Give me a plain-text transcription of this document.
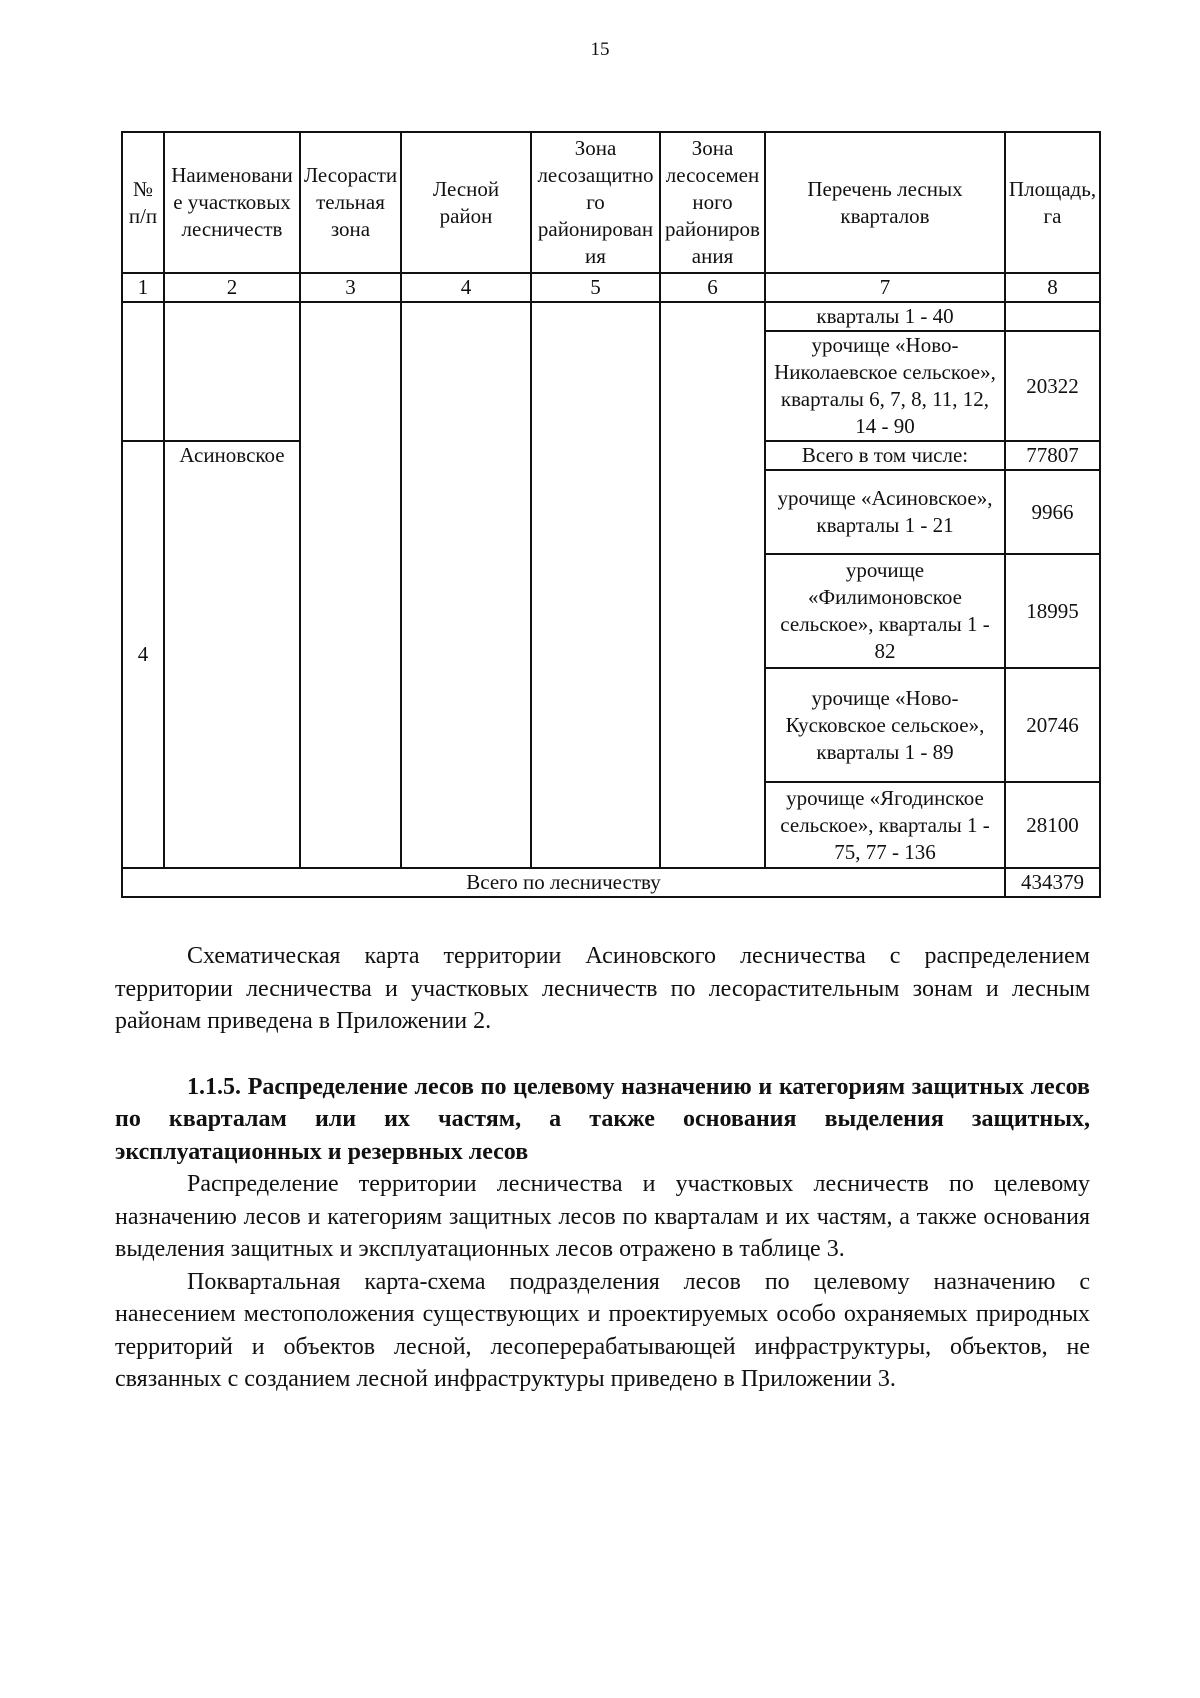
15
№ п/п	Наименование участковых лесничеств	Лесорастительная зона	Лесной район	Зона лесозащитного районирования	Зона лесосеменного районирования	Перечень лесных кварталов	Площадь, га
1	2	3	4	5	6	7	8
						кварталы 1 - 40	
						урочище «Ново-Николаевское сельское», кварталы 6, 7, 8, 11, 12, 14 - 90	20322
4	Асиновское					Всего в том числе:	77807
						урочище «Асиновское», кварталы 1 - 21	9966
						урочище «Филимоновское сельское», кварталы 1 - 82	18995
						урочище «Ново-Кусковское сельское», кварталы 1 - 89	20746
						урочище «Ягодинское сельское», кварталы 1 - 75, 77 - 136	28100
Всего по лесничеству							434379

Схематическая карта территории Асиновского лесничества с распределением территории лесничества и участковых лесничеств по лесорастительным зонам и лесным районам приведена в Приложении 2.

1.1.5. Распределение лесов по целевому назначению и категориям защитных лесов по кварталам или их частям, а также основания выделения защитных, эксплуатационных и резервных лесов

Распределение территории лесничества и участковых лесничеств по целевому назначению лесов и категориям защитных лесов по кварталам и их частям, а также основания выделения защитных и эксплуатационных лесов отражено в таблице 3.

Поквартальная карта-схема подразделения лесов по целевому назначению с нанесением местоположения существующих и проектируемых особо охраняемых природных территорий и объектов лесной, лесоперерабатывающей инфраструктуры, объектов, не связанных с созданием лесной инфраструктуры приведено в Приложении 3.
